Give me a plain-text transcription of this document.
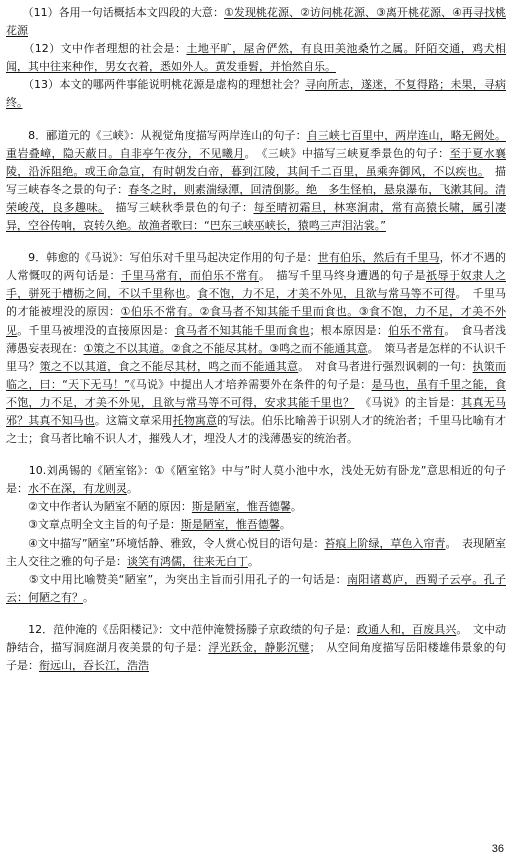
　　（11）各用一句话概括本文四段的大意：①发现桃花源、②访问桃花源、③离开桃花源、④再寻找桃花源　

　　（12）文中作者理想的社会是：土地平旷，屋舍俨然，有良田美池桑竹之属。阡陌交通，鸡犬相闻，其中往来种作，男女衣着，悉如外人。黄发垂髫，并怡然自乐。

　　（13）本文的哪两件事能说明桃花源是虚构的理想社会？寻向所志，遂迷，不复得路；未果，寻病终。　

　　8．郦道元的《三峡》：从视觉角度描写两岸连山的句子：自三峡七百里中，两岸连山，略无阙处。重岩叠嶂，隐天蔽日。自非亭午夜分，不见曦月。　《三峡》中描写三峡夏季景色的句子：至于夏水襄陵，沿泝阻绝。或王命急宣，有时朝发白帝，暮到江陵，其间千二百里，虽乘奔御风，不以疾也。　描写三峡春冬之景的句子：春冬之时，则素湍绿潭，回清倒影。绝　多生怪柏，悬泉瀑布，飞漱其间。清荣峻茂，良多趣味。　描写三峡秋季景色的句子：每至晴初霜旦，林寒涧肃，常有高猿长啸，属引凄异，空谷传响，哀转久绝。故渔者歌曰：“巴东三峡巫峡长，猿鸣三声泪沾裳。”

　　9．韩愈的《马说》：写伯乐对千里马起决定作用的句子是：世有伯乐，然后有千里马，怀才不遇的人常慨叹的两句话是：千里马常有，而伯乐不常有。　描写千里马终身遭遇的句子是祇辱于奴隶人之手，骈死于槽枥之间，不以千里称也。食不饱，力不足，才美不外见，且欲与常马等不可得。　千里马的才能被埋没的原因：①伯乐不常有。②食马者不知其能千里而食也。③食不饱，力不足，才美不外见。千里马被埋没的直接原因是：食马者不知其能千里而食也；根本原因是：伯乐不常有。　食马者浅薄愚妄表现在：①策之不以其道。②食之不能尽其材。③鸣之而不能通其意。　策马者是怎样的不认识千里马？策之不以其道，食之不能尽其材，鸣之而不能通其意。　对食马者进行强烈讽刺的一句：执策而临之，曰：“天下无马！”《马说》中提出人才培养需要外在条件的句子是：是马也，虽有千里之能，食不饱，力不足，才美不外见，且欲与常马等不可得，安求其能千里也？　《马说》的主旨是：其真无马邪？其真不知马也。这篇文章采用托物寓意的写法。伯乐比喻善于识别人才的统治者；千里马比喻有才之士；食马者比喻不识人才，摧残人才，埋没人才的浅薄愚妄的统治者。

　　10.刘禹锡的《陋室铭》：①《陋室铭》中与”时人莫小池中水，浅处无妨有卧龙”意思相近的句子是：水不在深，有龙则灵。

　　②文中作者认为陋室不陋的原因：斯是陋室，惟吾德馨。

　　③文章点明全文主旨的句子是：斯是陋室，惟吾德馨。

　　④文中描写”陋室”环境恬静、雅致，令人赏心悦目的语句是：苔痕上阶绿，草色入帘青。　表现陋室主人交往之雅的句子是：谈笑有鸿儒，往来无白丁。

　　⑤文中用比喻赞美“陋室”，为突出主旨而引用孔子的一句话是：南阳诸葛庐，西蜀子云亭。孔子云：何陋之有？。

　　12．范仲淹的《岳阳楼记》：文中范仲淹赞扬滕子京政绩的句子是：政通人和，百废具兴。　文中动静结合，描写洞庭湖月夜美景的句子是：浮光跃金，静影沉璧；　从空间角度描写岳阳楼雄伟景象的句子是：衔远山，吞长江，浩浩

36
